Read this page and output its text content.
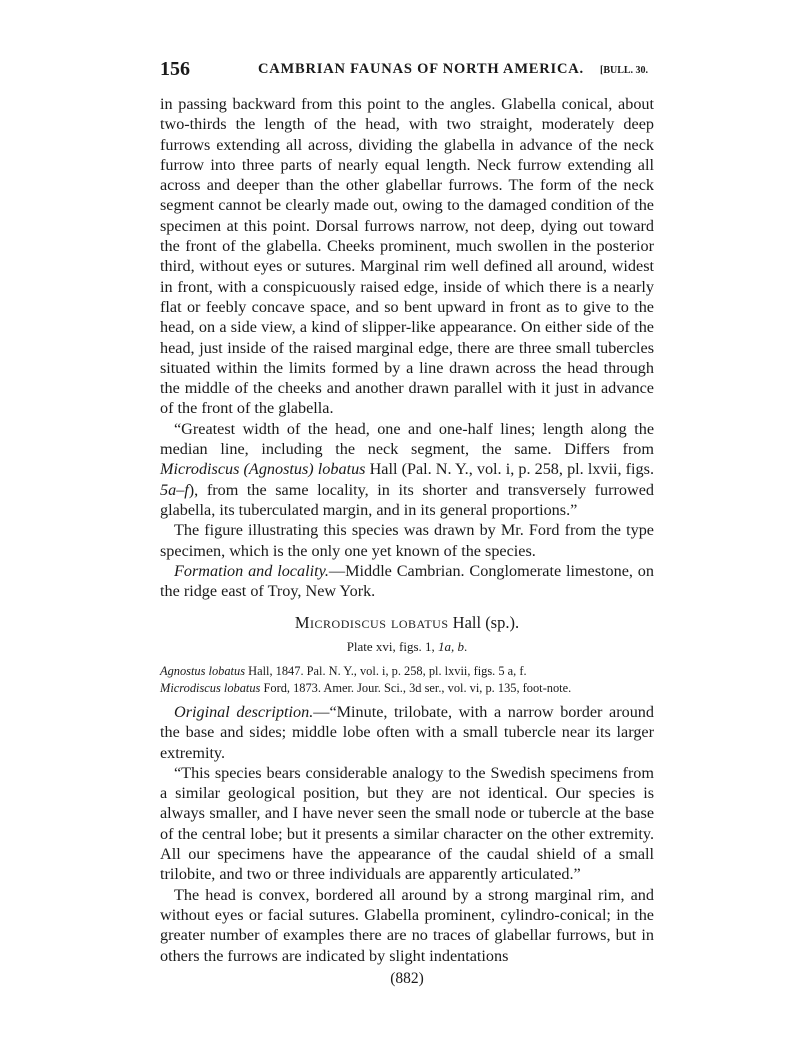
156	CAMBRIAN FAUNAS OF NORTH AMERICA. [BULL. 30.

in passing backward from this point to the angles. Glabella conical, about two-thirds the length of the head, with two straight, moderately deep furrows extending all across, dividing the glabella in advance of the neck furrow into three parts of nearly equal length. Neck furrow extending all across and deeper than the other glabellar furrows. The form of the neck segment cannot be clearly made out, owing to the damaged condition of the specimen at this point. Dorsal furrows narrow, not deep, dying out toward the front of the glabella. Cheeks prominent, much swollen in the posterior third, without eyes or sutures. Marginal rim well defined all around, widest in front, with a conspicuously raised edge, inside of which there is a nearly flat or feebly concave space, and so bent upward in front as to give to the head, on a side view, a kind of slipper-like appearance. On either side of the head, just inside of the raised marginal edge, there are three small tubercles situated within the limits formed by a line drawn across the head through the middle of the cheeks and another drawn parallel with it just in advance of the front of the glabella.

“Greatest width of the head, one and one-half lines; length along the median line, including the neck segment, the same. Differs from Microdiscus (Agnostus) lobatus Hall (Pal. N. Y., vol. i, p. 258, pl. lxvii, figs. 5a–f), from the same locality, in its shorter and transversely furrowed glabella, its tuberculated margin, and in its general proportions.”

The figure illustrating this species was drawn by Mr. Ford from the type specimen, which is the only one yet known of the species.

Formation and locality.—Middle Cambrian. Conglomerate limestone, on the ridge east of Troy, New York.

Microdiscus lobatus Hall (sp.).
Plate xvi, figs. 1, 1a, b.
Agnostus lobatus Hall, 1847. Pal. N. Y., vol. i, p. 258, pl. lxvii, figs. 5 a, f.
Microdiscus lobatus Ford, 1873. Amer. Jour. Sci., 3d ser., vol. vi, p. 135, foot-note.

Original description.—“Minute, trilobate, with a narrow border around the base and sides; middle lobe often with a small tubercle near its larger extremity.

“This species bears considerable analogy to the Swedish specimens from a similar geological position, but they are not identical. Our species is always smaller, and I have never seen the small node or tubercle at the base of the central lobe; but it presents a similar character on the other extremity. All our specimens have the appearance of the caudal shield of a small trilobite, and two or three individuals are apparently articulated.”

The head is convex, bordered all around by a strong marginal rim, and without eyes or facial sutures. Glabella prominent, cylindro-conical; in the greater number of examples there are no traces of glabellar furrows, but in others the furrows are indicated by slight indentations

(882)
